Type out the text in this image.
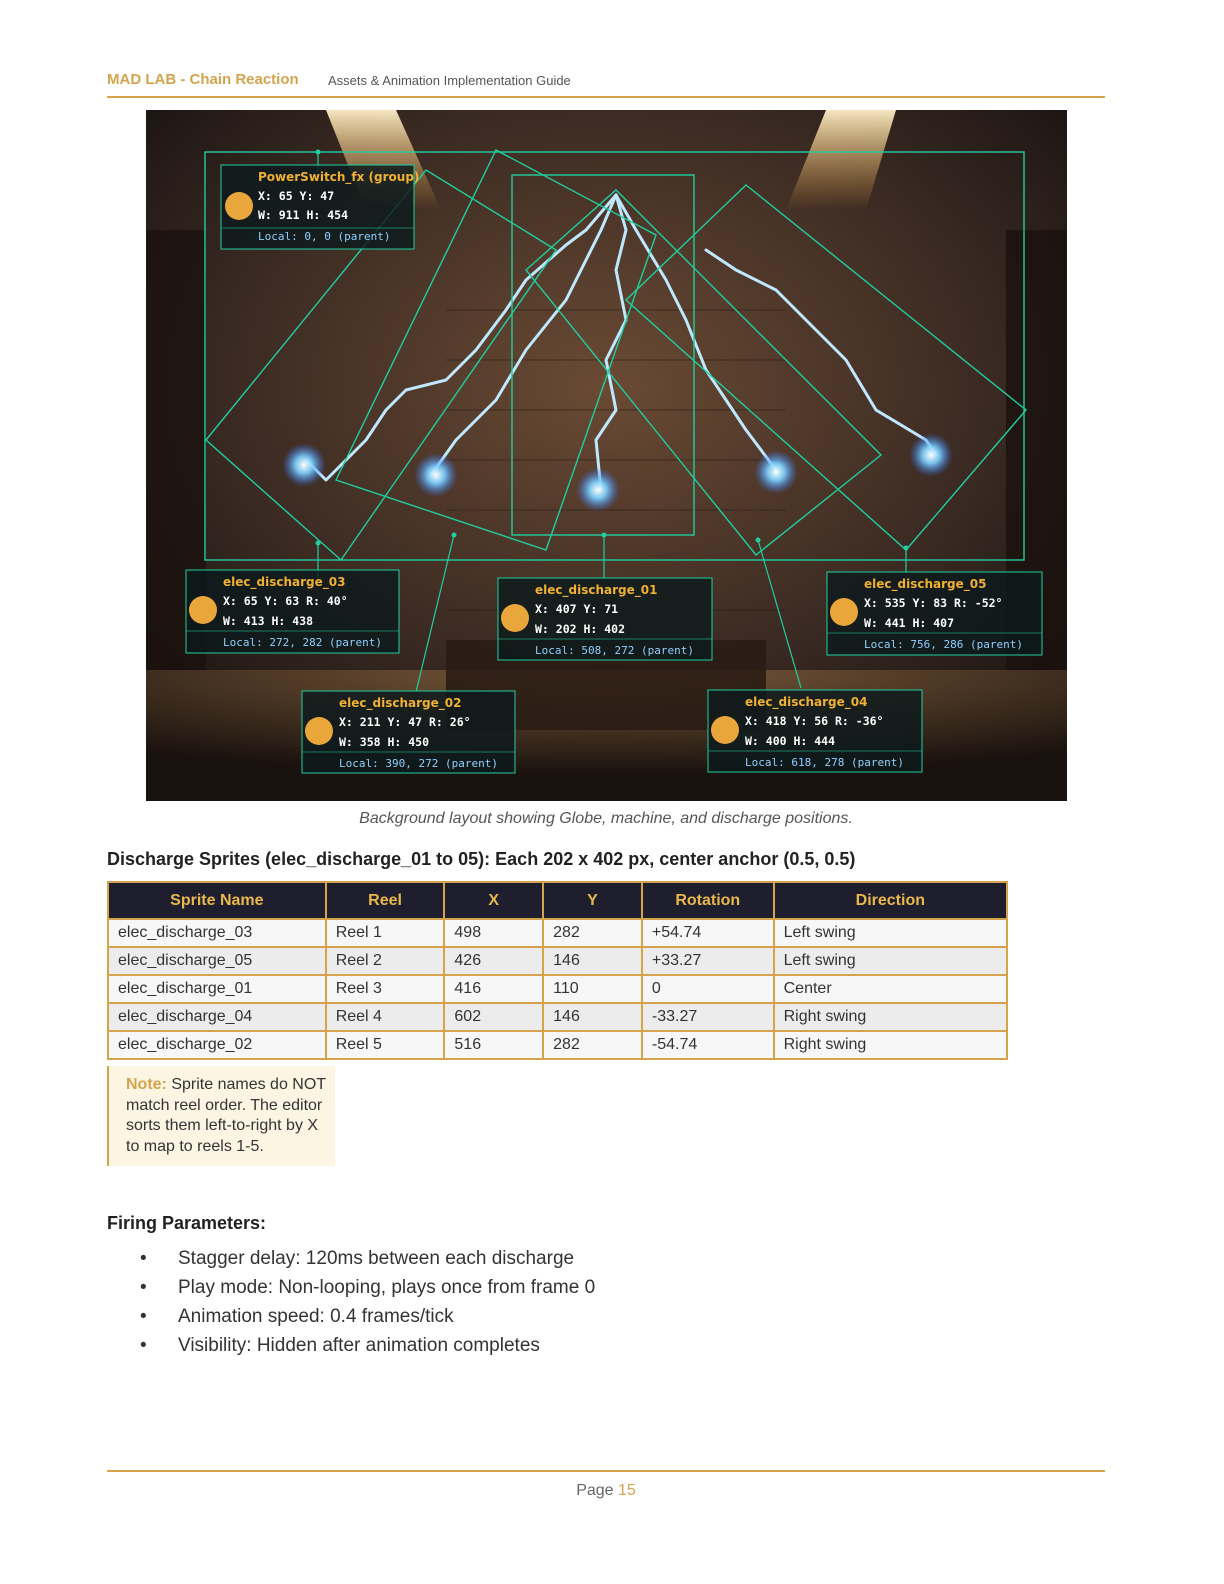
MAD LAB - Chain Reaction Assets & Animation Implementation Guide
PowerSwitch_fx (group)
X: 65 Y: 47
W: 911 H: 454
Local: 0, 0 (parent)
elec_discharge_03
X: 65 Y: 63 R: 40°
W: 413 H: 438
Local: 272, 282 (parent)
elec_discharge_01
X: 407 Y: 71
W: 202 H: 402
Local: 508, 272 (parent)
elec_discharge_05
X: 535 Y: 83 R: -52°
W: 441 H: 407
Local: 756, 286 (parent)
elec_discharge_02
X: 211 Y: 47 R: 26°
W: 358 H: 450
Local: 390, 272 (parent)
elec_discharge_04
X: 418 Y: 56 R: -36°
W: 400 H: 444
Local: 618, 278 (parent)
Background layout showing Globe, machine, and discharge positions.
Discharge Sprites (elec_discharge_01 to 05): Each 202 x 402 px, center anchor (0.5, 0.5)
Sprite Name	Reel	X	Y	Rotation	Direction
elec_discharge_03	Reel 1	498	282	+54.74	Left swing
elec_discharge_05	Reel 2	426	146	+33.27	Left swing
elec_discharge_01	Reel 3	416	110	0	Center
elec_discharge_04	Reel 4	602	146	-33.27	Right swing
elec_discharge_02	Reel 5	516	282	-54.74	Right swing
Note: Sprite names do NOT match reel order. The editor sorts them left-to-right by X to map to reels 1-5.
Firing Parameters:
• Stagger delay: 120ms between each discharge
• Play mode: Non-looping, plays once from frame 0
• Animation speed: 0.4 frames/tick
• Visibility: Hidden after animation completes
Page 15
